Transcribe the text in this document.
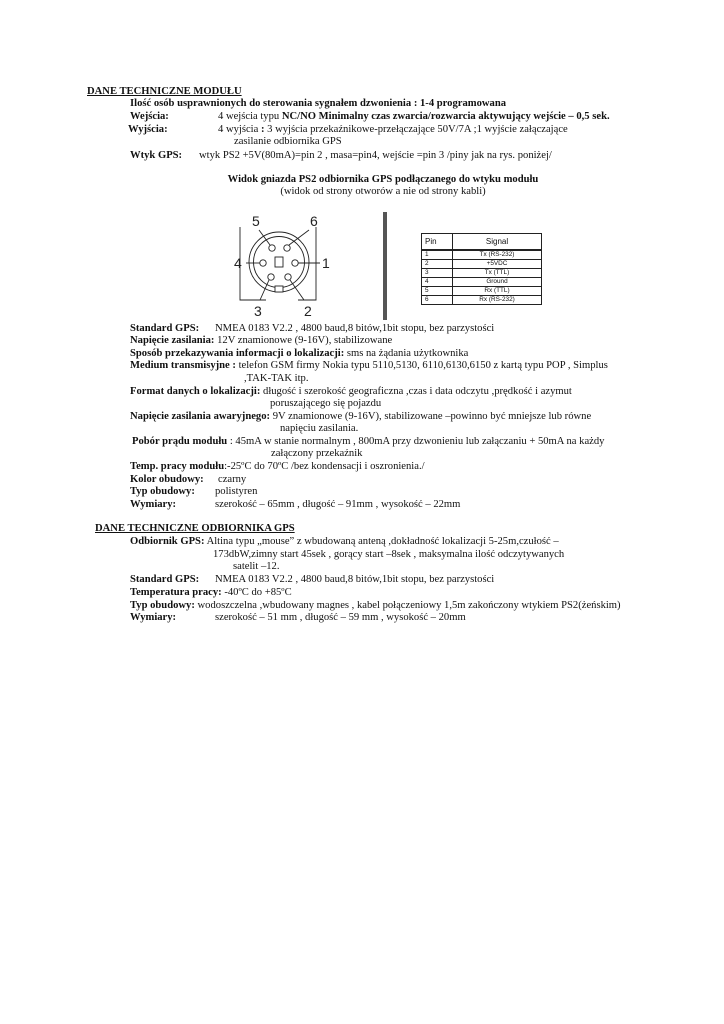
DANE TECHNICZNE MODUŁU
Ilość osób usprawnionych do sterowania sygnałem dzwonienia : 1-4 programowana
Wejścia:	4 wejścia typu NC/NO Minimalny czas zwarcia/rozwarcia aktywujący wejście – 0,5 sek.
Wyjścia:	4 wyjścia : 3 wyjścia przekaźnikowe-przełączające 50V/7A ;1 wyjście załączające
zasilanie odbiornika GPS
Wtyk GPS: wtyk PS2 +5V(80mA)=pin 2 , masa=pin4, wejście =pin 3 /piny jak na rys. poniżej/
Widok gniazda PS2 odbiornika GPS podłączanego do wtyku modułu
(widok od strony otworów a nie od strony kabli)
5	6
4	1
3	2
Pin	Signal
1	Tx (RS-232)
2	+5VDC
3	Tx (TTL)
4	Ground
5	Rx (TTL)
6	Rx (RS-232)
Standard GPS: NMEA 0183 V2.2 , 4800 baud,8 bitów,1bit stopu, bez parzystości
Napięcie zasilania: 12V znamionowe (9-16V), stabilizowane
Sposób przekazywania informacji o lokalizacji: sms na żądania użytkownika
Medium transmisyjne : telefon GSM firmy Nokia typu 5110,5130, 6110,6130,6150 z kartą typu POP , Simplus
,TAK-TAK itp.
Format danych o lokalizacji: długość i szerokość geograficzna ,czas i data odczytu ,prędkość i azymut
poruszającego się pojazdu
Napięcie zasilania awaryjnego: 9V znamionowe (9-16V), stabilizowane –powinno być mniejsze lub równe
napięciu zasilania.
Pobór prądu modułu : 45mA w stanie normalnym , 800mA przy dzwonieniu lub załączaniu + 50mA na każdy
załączony przekaźnik
Temp. pracy modułu:-25ºC do 70ºC /bez kondensacji i oszronienia./
Kolor obudowy: czarny
Typ obudowy: polistyren
Wymiary:	szerokość – 65mm , długość – 91mm , wysokość – 22mm
DANE TECHNICZNE ODBIORNIKA GPS
Odbiornik GPS: Altina typu „mouse” z wbudowaną anteną ,dokładność lokalizacji 5-25m,czułość –
173dbW,zimny start 45sek , gorący start –8sek , maksymalna ilość odczytywanych
satelit –12.
Standard GPS: NMEA 0183 V2.2 , 4800 baud,8 bitów,1bit stopu, bez parzystości
Temperatura pracy: -40ºC do +85ºC
Typ obudowy: wodoszczelna ,wbudowany magnes , kabel połączeniowy 1,5m zakończony wtykiem PS2(żeńskim)
Wymiary:	szerokość – 51 mm , długość – 59 mm , wysokość – 20mm
